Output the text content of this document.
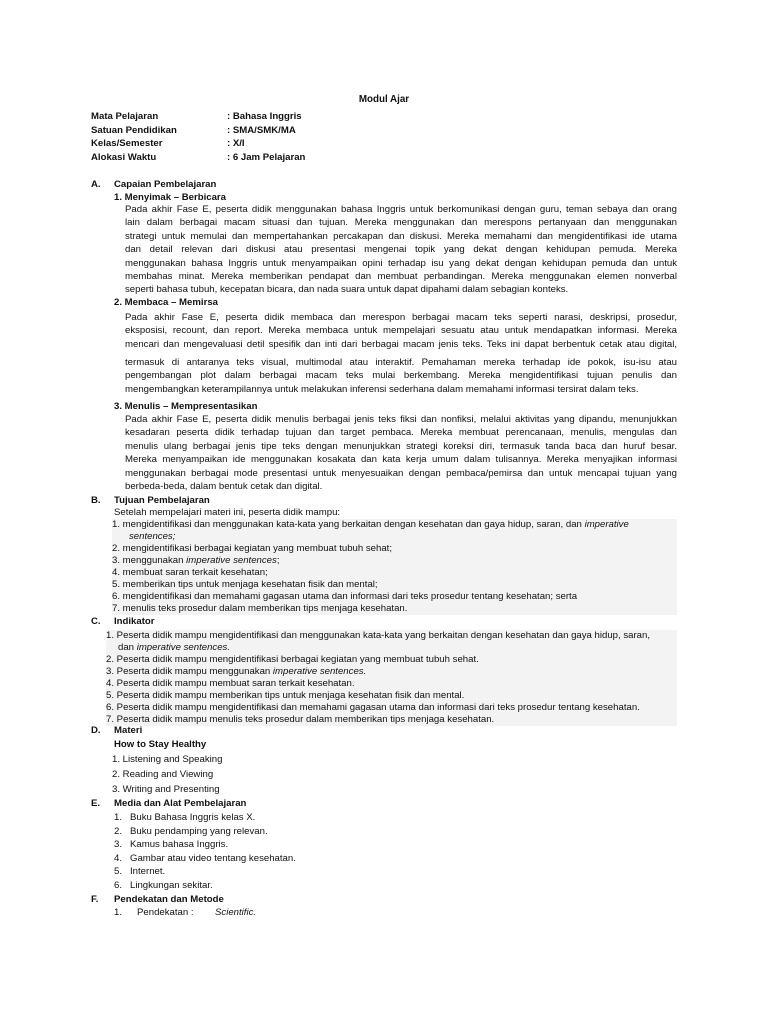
Modul Ajar
Mata Pelajaran	: Bahasa Inggris
Satuan Pendidikan	: SMA/SMK/MA
Kelas/Semester	: X/I
Alokasi Waktu	: 6 Jam Pelajaran
A. Capaian Pembelajaran
1. Menyimak – Berbicara
Pada akhir Fase E, peserta didik menggunakan bahasa Inggris untuk berkomunikasi dengan guru, teman sebaya dan orang
lain dalam berbagai macam situasi dan tujuan. Mereka menggunakan dan merespons pertanyaan dan menggunakan
strategi untuk memulai dan mempertahankan percakapan dan diskusi. Mereka memahami dan mengidentifikasi ide utama
dan detail relevan dari diskusi atau presentasi mengenai topik yang dekat dengan kehidupan pemuda. Mereka
menggunakan bahasa Inggris untuk menyampaikan opini terhadap isu yang dekat dengan kehidupan pemuda dan untuk
membahas minat. Mereka memberikan pendapat dan membuat perbandingan. Mereka menggunakan elemen nonverbal
seperti bahasa tubuh, kecepatan bicara, dan nada suara untuk dapat dipahami dalam sebagian konteks.
2. Membaca – Memirsa
Pada akhir Fase E, peserta didik membaca dan merespon berbagai macam teks seperti narasi, deskripsi, prosedur,
eksposisi, recount, dan report. Mereka membaca untuk mempelajari sesuatu atau untuk mendapatkan informasi. Mereka
mencari dan mengevaluasi detil spesifik dan inti dari berbagai macam jenis teks. Teks ini dapat berbentuk cetak atau digital,
termasuk di antaranya teks visual, multimodal atau interaktif. Pemahaman mereka terhadap ide pokok, isu-isu atau
pengembangan plot dalam berbagai macam teks mulai berkembang. Mereka mengidentifikasi tujuan penulis dan
mengembangkan keterampilannya untuk melakukan inferensi sederhana dalam memahami informasi tersirat dalam teks.
3. Menulis – Mempresentasikan
Pada akhir Fase E, peserta didik menulis berbagai jenis teks fiksi dan nonfiksi, melalui aktivitas yang dipandu, menunjukkan
kesadaran peserta didik terhadap tujuan dan target pembaca. Mereka membuat perencanaan, menulis, mengulas dan
menulis ulang berbagai jenis tipe teks dengan menunjukkan strategi koreksi diri, termasuk tanda baca dan huruf besar.
Mereka menyampaikan ide menggunakan kosakata dan kata kerja umum dalam tulisannya. Mereka menyajikan informasi
menggunakan berbagai mode presentasi untuk menyesuaikan dengan pembaca/pemirsa dan untuk mencapai tujuan yang
berbeda-beda, dalam bentuk cetak dan digital.
B. Tujuan Pembelajaran
Setelah mempelajari materi ini, peserta didik mampu:
1. mengidentifikasi dan menggunakan kata-kata yang berkaitan dengan kesehatan dan gaya hidup, saran, dan imperative
sentences;
2. mengidentifikasi berbagai kegiatan yang membuat tubuh sehat;
3. menggunakan imperative sentences;
4. membuat saran terkait kesehatan;
5. memberikan tips untuk menjaga kesehatan fisik dan mental;
6. mengidentifikasi dan memahami gagasan utama dan informasi dari teks prosedur tentang kesehatan; serta
7. menulis teks prosedur dalam memberikan tips menjaga kesehatan.
C. Indikator
1. Peserta didik mampu mengidentifikasi dan menggunakan kata-kata yang berkaitan dengan kesehatan dan gaya hidup, saran,
dan imperative sentences.
2. Peserta didik mampu mengidentifikasi berbagai kegiatan yang membuat tubuh sehat.
3. Peserta didik mampu menggunakan imperative sentences.
4. Peserta didik mampu membuat saran terkait kesehatan.
5. Peserta didik mampu memberikan tips untuk menjaga kesehatan fisik dan mental.
6. Peserta didik mampu mengidentifikasi dan memahami gagasan utama dan informasi dari teks prosedur tentang kesehatan.
7. Peserta didik mampu menulis teks prosedur dalam memberikan tips menjaga kesehatan.
D. Materi
How to Stay Healthy
1. Listening and Speaking
2. Reading and Viewing
3. Writing and Presenting
E. Media dan Alat Pembelajaran
1. Buku Bahasa Inggris kelas X.
2. Buku pendamping yang relevan.
3. Kamus bahasa Inggris.
4. Gambar atau video tentang kesehatan.
5. Internet.
6. Lingkungan sekitar.
F. Pendekatan dan Metode
1. Pendekatan : Scientific.
